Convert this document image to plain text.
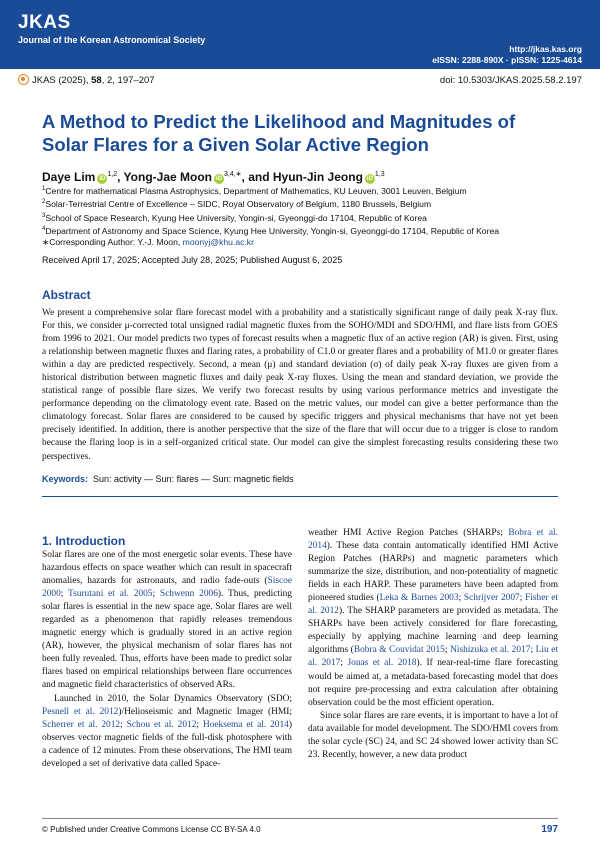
JKAS
Journal of the Korean Astronomical Society
http://jkas.kas.org
eISSN: 2288-890X · pISSN: 1225-4614
JKAS (2025), 58, 2, 197–207	doi: 10.5303/JKAS.2025.58.2.197
A Method to Predict the Likelihood and Magnitudes of Solar Flares for a Given Solar Active Region
Daye Lim iD$^{1,2}$, Yong-Jae Moon $iD^{3,4,∗}$, and Hyun-Jin Jeong iD$^{1,3}$
$^1$Centre for mathematical Plasma Astrophysics, Department of Mathematics, KU Leuven, 3001 Leuven, Belgium
$^2$Solar-Terrestrial Centre of Excellence – SIDC, Royal Observatory of Belgium, 1180 Brussels, Belgium
$^3$School of Space Research, Kyung Hee University, Yongin-si, Gyeonggi-do 17104, Republic of Korea
$^4$Department of Astronomy and Space Science, Kyung Hee University, Yongin-si, Gyeonggi-do 17104, Republic of Korea
∗Corresponding Author: Y.-J. Moon, moonyj@khu.ac.kr
Received April 17, 2025; Accepted July 28, 2025; Published August 6, 2025
Abstract
We present a comprehensive solar flare forecast model with a probability and a statistically significant range of daily peak X-ray flux. For this, we consider μ-corrected total unsigned radial magnetic fluxes from the SOHO/MDI and SDO/HMI, and flare lists from GOES from 1996 to 2021. Our model predicts two types of forecast results when a magnetic flux of an active region (AR) is given. First, using a relationship between magnetic fluxes and flaring rates, a probability of C1.0 or greater flares and a probability of M1.0 or greater flares within a day are predicted respectively. Second, a mean (μ) and standard deviation (σ) of daily peak X-ray fluxes are given from a historical distribution between magnetic fluxes and daily peak X-ray fluxes. Using the mean and standard deviation, we provide the statistical range of possible flare sizes. We verify two forecast results by using various performance metrics and investigate the performance depending on the climatology event rate. Based on the metric values, our model can give a better performance than the climatology forecast. Solar flares are considered to be caused by specific triggers and physical mechanisms that have not yet been precisely identified. In addition, there is another perspective that the size of the flare that will occur due to a trigger is close to random because the flaring loop is in a self-organized critical state. Our model can give the simplest forecasting results considering these two perspectives.
Keywords: Sun: activity — Sun: flares — Sun: magnetic fields
1. Introduction

Solar flares are one of the most energetic solar events. These have hazardous effects on space weather which can result in spacecraft anomalies, hazards for astronauts, and radio fade-outs (Siscoe 2000; Tsurutani et al. 2005; Schwenn 2006). Thus, predicting solar flares is essential in the new space age. Solar flares are well regarded as a phenomenon that rapidly releases tremendous magnetic energy which is gradually stored in an active region (AR), however, the physical mechanism of solar flares has not been fully revealed. Thus, efforts have been made to predict solar flares based on empirical relationships between flare occurrences and magnetic field characteristics of observed ARs.

Launched in 2010, the Solar Dynamics Observatory (SDO; Pesnell et al. 2012)/Helioseismic and Magnetic Imager (HMI; Scherrer et al. 2012; Schou et al. 2012; Hoeksema et al. 2014) observes vector magnetic fields of the full-disk photosphere with a cadence of 12 minutes. From these observations, The HMI team developed a set of derivative data called Space-

weather HMI Active Region Patches (SHARPs; Bobra et al. 2014). These data contain automatically identified HMI Active Region Patches (HARPs) and magnetic parameters which summarize the size, distribution, and non-potentiality of magnetic fields in each HARP. These parameters have been adapted from pioneered studies (Leka & Barnes 2003; Schrijver 2007; Fisher et al. 2012). The SHARP parameters are provided as metadata. The SHARPs have been actively considered for flare forecasting, especially by applying machine learning and deep learning algorithms (Bobra & Couvidat 2015; Nishizuka et al. 2017; Liu et al. 2017; Jonas et al. 2018). If near-real-time flare forecasting would be aimed at, a metadata-based forecasting model that does not require pre-processing and extra calculation after obtaining observation could be the most efficient operation.

Since solar flares are rare events, it is important to have a lot of data available for model development. The SDO/HMI covers from the solar cycle (SC) 24, and SC 24 showed lower activity than SC 23. Recently, however, a new data product

© Published under Creative Commons License CC BY-SA 4.0	197
